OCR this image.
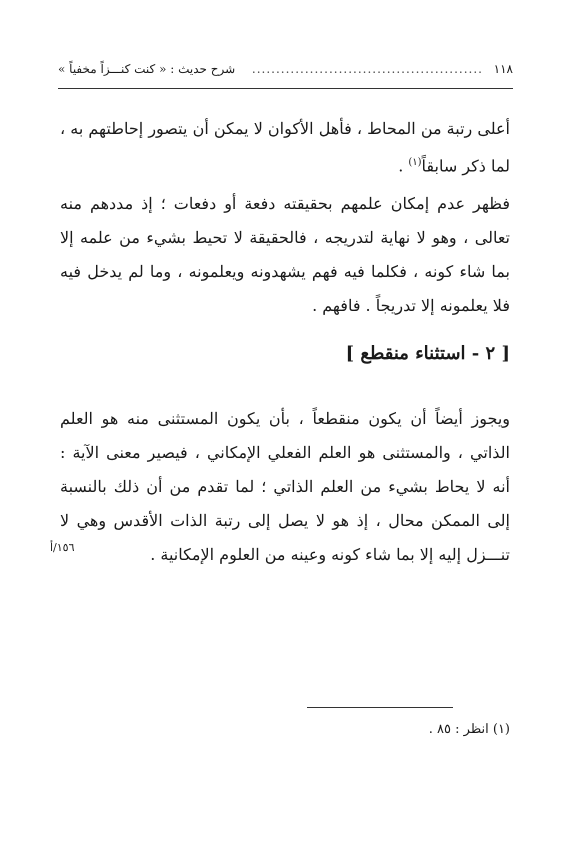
١١٨
................................................
شرح حديث : « كنت كنـــزاً مخفياً »
أعلى رتبة من المحاط ، فأهل الأكوان لا يمكن أن يتصور إحاطتهم به ، لما ذكر سابقاً$^{(١)}$ .
فظهر عدم إمكان علمهم بحقيقته دفعة أو دفعات ؛ إذ مددهم منه تعالى ، وهو لا نهاية لتدريجه ، فالحقيقة لا تحيط بشيء من علمه إلا بما شاء كونه ، فكلما فيه فهم يشهدونه ويعلمونه ، وما لم يدخل فيه فلا يعلمونه إلا تدريجاً . فافهم .
[ ٢ - استثناء منقطع ]
ويجوز أيضاً أن يكون منقطعاً ، بأن يكون المستثنى منه هو العلم الذاتي ، والمستثنى هو العلم الفعلي الإمكاني ، فيصير معنى الآية : أنه لا يحاط بشيء من العلم الذاتي ؛ لما تقدم من أن ذلك بالنسبة إلى الممكن محال ، إذ هو لا يصل إلى رتبة الذات الأقدس وهي لا تنـــزل إليه إلا بما شاء كونه وعينه من العلوم الإمكانية .
١٥٦/أ
(١) انظر : ٨٥ .
